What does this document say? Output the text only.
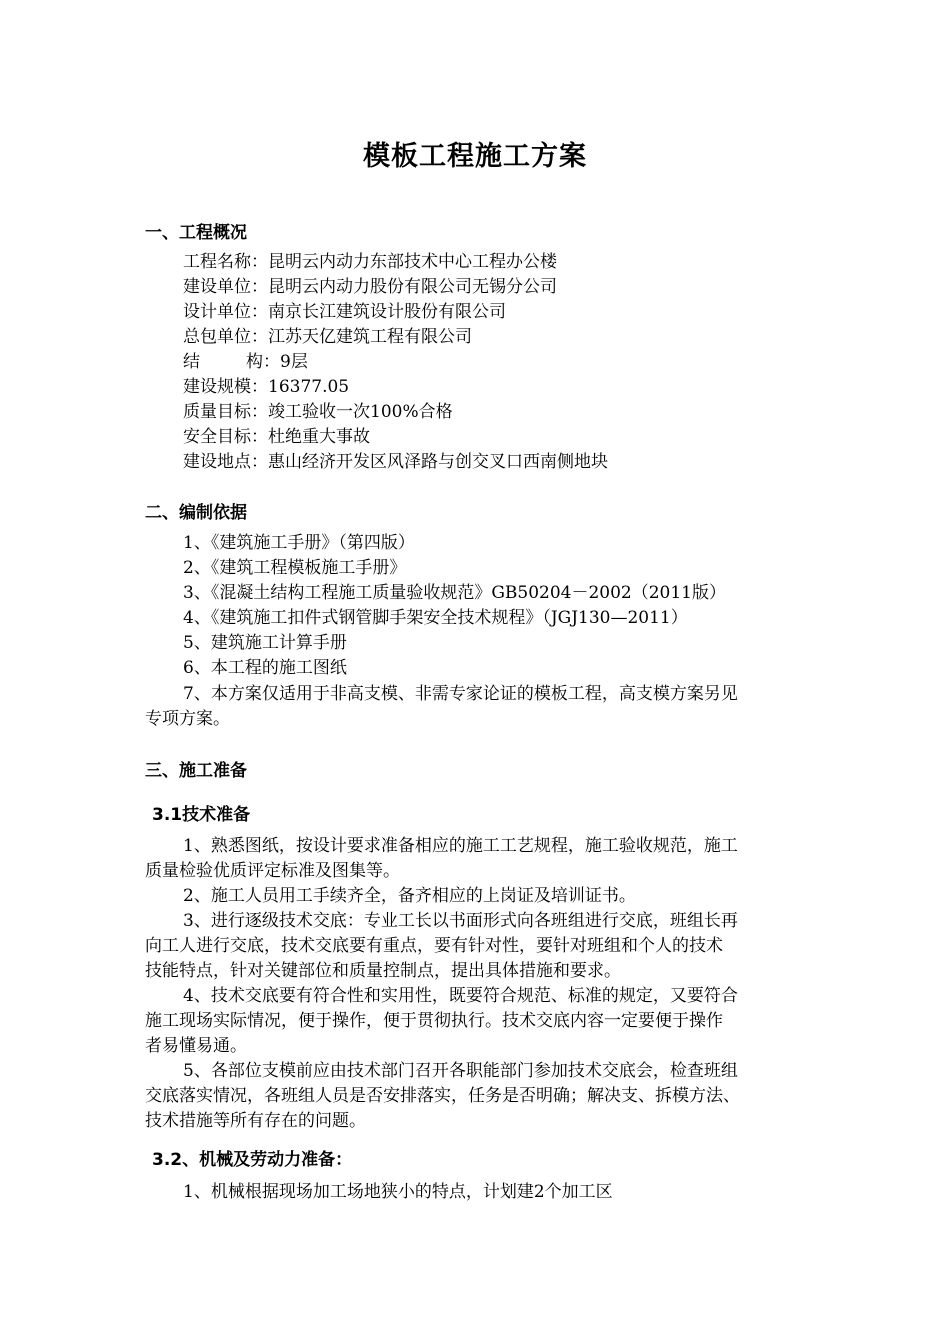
模板工程施工方案
一、工程概况
工程名称：昆明云内动力东部技术中心工程办公楼
建设单位：昆明云内动力股份有限公司无锡分公司
设计单位：南京长江建筑设计股份有限公司
总包单位：江苏天亿建筑工程有限公司
结	构：9层
建设规模：16377.05
质量目标：竣工验收一次100%合格
安全目标：杜绝重大事故
建设地点：惠山经济开发区风泽路与创交叉口西南侧地块
二、编制依据
1、《建筑施工手册》（第四版）
2、《建筑工程模板施工手册》
3、《混凝土结构工程施工质量验收规范》GB50204－2002（2011版）
4、《建筑施工扣件式钢管脚手架安全技术规程》（JGJ130—2011）
5、建筑施工计算手册
6、本工程的施工图纸
7、本方案仅适用于非高支模、非需专家论证的模板工程，高支模方案另见
专项方案。
三、施工准备
3.1技术准备
1、熟悉图纸，按设计要求准备相应的施工工艺规程，施工验收规范，施工
质量检验优质评定标准及图集等。
2、施工人员用工手续齐全，备齐相应的上岗证及培训证书。
3、进行逐级技术交底：专业工长以书面形式向各班组进行交底，班组长再
向工人进行交底，技术交底要有重点，要有针对性，要针对班组和个人的技术
技能特点，针对关键部位和质量控制点，提出具体措施和要求。
4、技术交底要有符合性和实用性，既要符合规范、标准的规定，又要符合
施工现场实际情况，便于操作，便于贯彻执行。技术交底内容一定要便于操作
者易懂易通。
5、各部位支模前应由技术部门召开各职能部门参加技术交底会，检查班组
交底落实情况，各班组人员是否安排落实，任务是否明确；解决支、拆模方法、
技术措施等所有存在的问题。
3.2、机械及劳动力准备：
1、机械根据现场加工场地狭小的特点，计划建2个加工区
